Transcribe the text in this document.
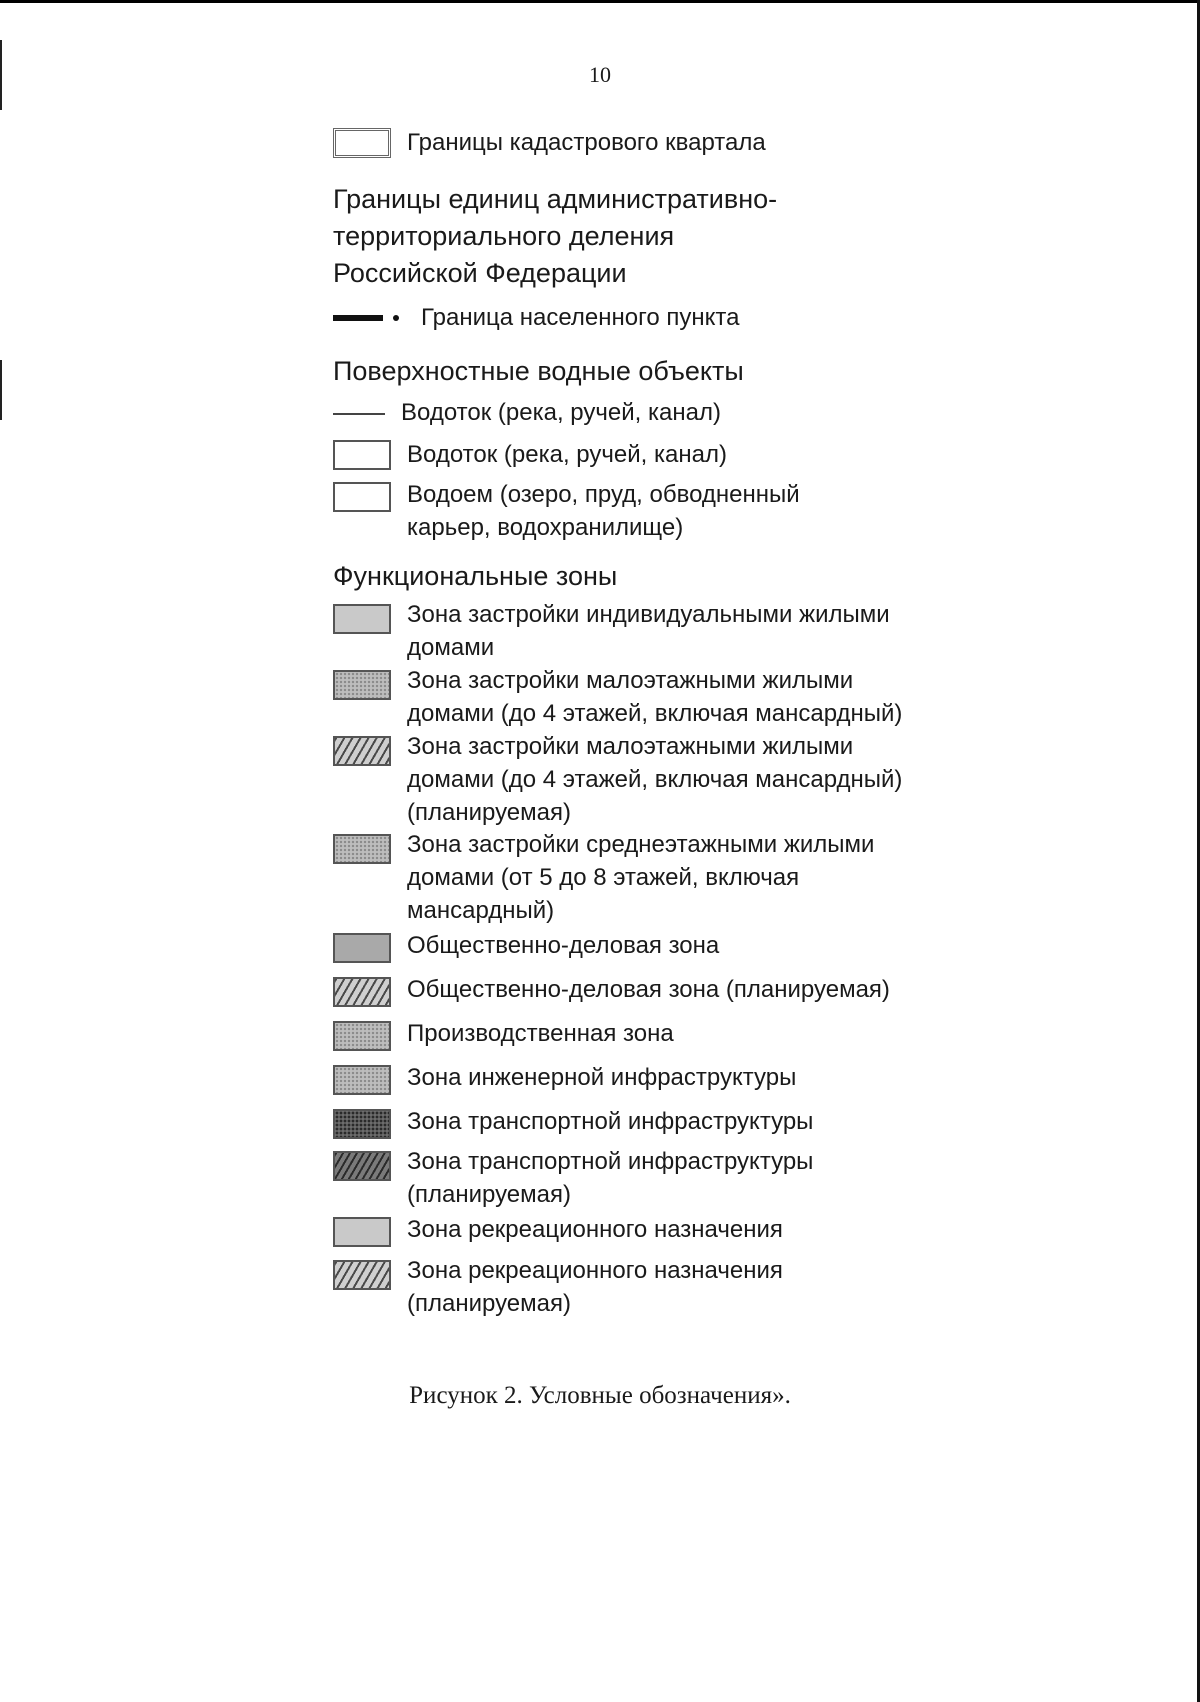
10
Границы кадастрового квартала
Границы единиц административно-
территориального деления
Российской Федерации
Граница населенного пункта
Поверхностные водные объекты
Водоток (река, ручей, канал)
Водоток (река, ручей, канал)
Водоем (озеро, пруд, обводненный
карьер, водохранилище)
Функциональные зоны
Зона застройки индивидуальными жилыми
домами
Зона застройки малоэтажными жилыми
домами (до 4 этажей, включая мансардный)
Зона застройки малоэтажными жилыми
домами (до 4 этажей, включая мансардный)
(планируемая)
Зона застройки среднеэтажными жилыми
домами (от 5 до 8 этажей, включая
мансардный)
Общественно-деловая зона
Общественно-деловая зона (планируемая)
Производственная зона
Зона инженерной инфраструктуры
Зона транспортной инфраструктуры
Зона транспортной инфраструктуры
(планируемая)
Зона рекреационного назначения
Зона рекреационного назначения
(планируемая)
Рисунок 2. Условные обозначения».
